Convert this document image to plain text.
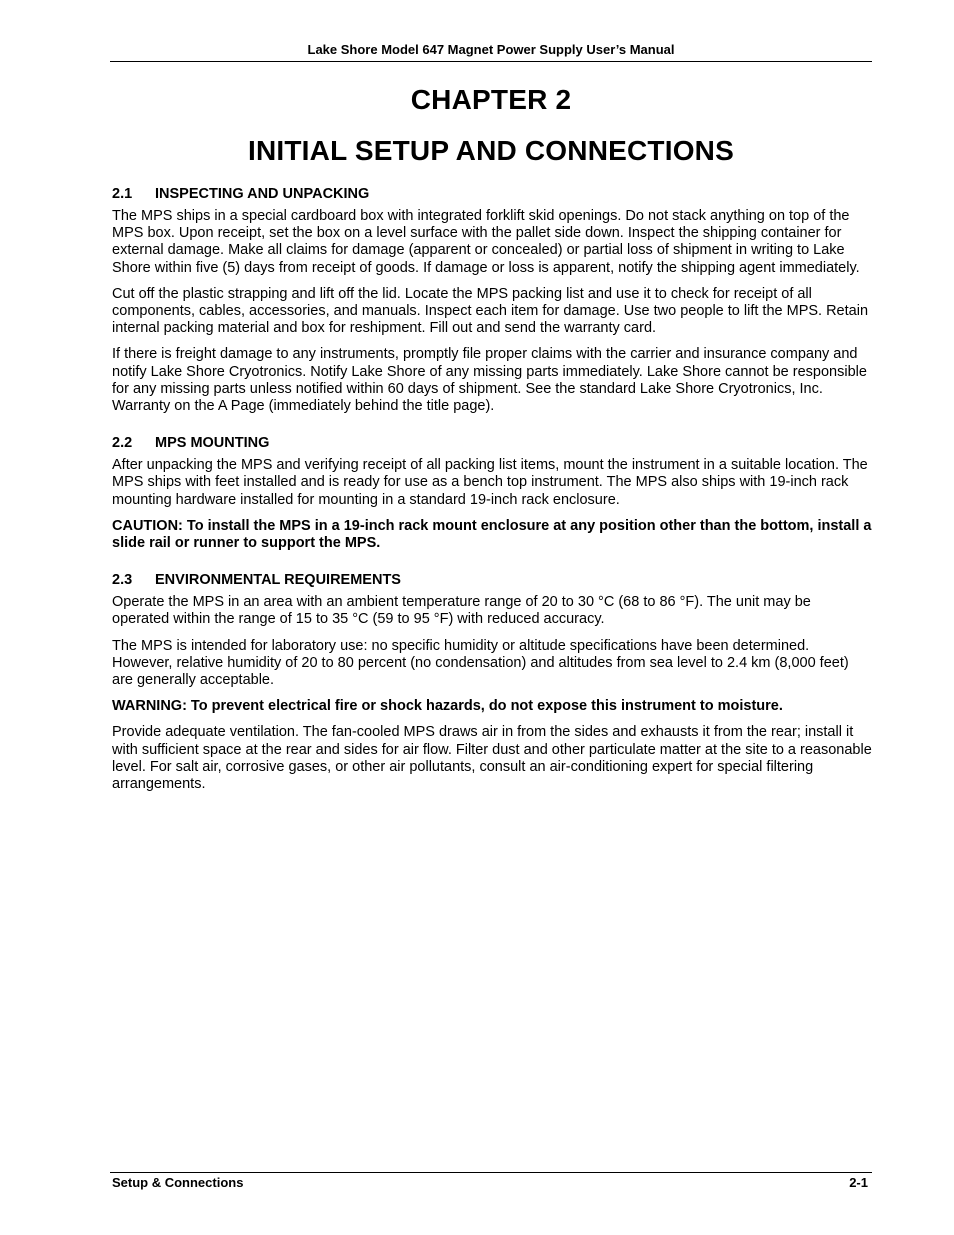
Lake Shore Model 647 Magnet Power Supply User’s Manual
CHAPTER 2
INITIAL SETUP AND CONNECTIONS
2.1	INSPECTING AND UNPACKING

The MPS ships in a special cardboard box with integrated forklift skid openings. Do not stack anything on top of the MPS box. Upon receipt, set the box on a level surface with the pallet side down. Inspect the shipping container for external damage. Make all claims for damage (apparent or concealed) or partial loss of shipment in writing to Lake Shore within five (5) days from receipt of goods. If damage or loss is apparent, notify the shipping agent immediately.

Cut off the plastic strapping and lift off the lid. Locate the MPS packing list and use it to check for receipt of all components, cables, accessories, and manuals. Inspect each item for damage. Use two people to lift the MPS. Retain internal packing material and box for reshipment. Fill out and send the warranty card.

If there is freight damage to any instruments, promptly file proper claims with the carrier and insurance company and notify Lake Shore Cryotronics. Notify Lake Shore of any missing parts immediately. Lake Shore cannot be responsible for any missing parts unless notified within 60 days of shipment. See the standard Lake Shore Cryotronics, Inc. Warranty on the A Page (immediately behind the title page).

2.2	MPS MOUNTING

After unpacking the MPS and verifying receipt of all packing list items, mount the instrument in a suitable location. The MPS ships with feet installed and is ready for use as a bench top instrument. The MPS also ships with 19-inch rack mounting hardware installed for mounting in a standard 19-inch rack enclosure.

CAUTION: To install the MPS in a 19-inch rack mount enclosure at any position other than the bottom, install a slide rail or runner to support the MPS.

2.3	ENVIRONMENTAL REQUIREMENTS

Operate the MPS in an area with an ambient temperature range of 20 to 30 °C (68 to 86 °F). The unit may be operated within the range of 15 to 35 °C (59 to 95 °F) with reduced accuracy.

The MPS is intended for laboratory use: no specific humidity or altitude specifications have been determined. However, relative humidity of 20 to 80 percent (no condensation) and altitudes from sea level to 2.4 km (8,000 feet) are generally acceptable.

WARNING: To prevent electrical fire or shock hazards, do not expose this instrument to moisture.

Provide adequate ventilation. The fan-cooled MPS draws air in from the sides and exhausts it from the rear; install it with sufficient space at the rear and sides for air flow. Filter dust and other particulate matter at the site to a reasonable level. For salt air, corrosive gases, or other air pollutants, consult an air-conditioning expert for special filtering arrangements.

Setup & Connections	2-1
